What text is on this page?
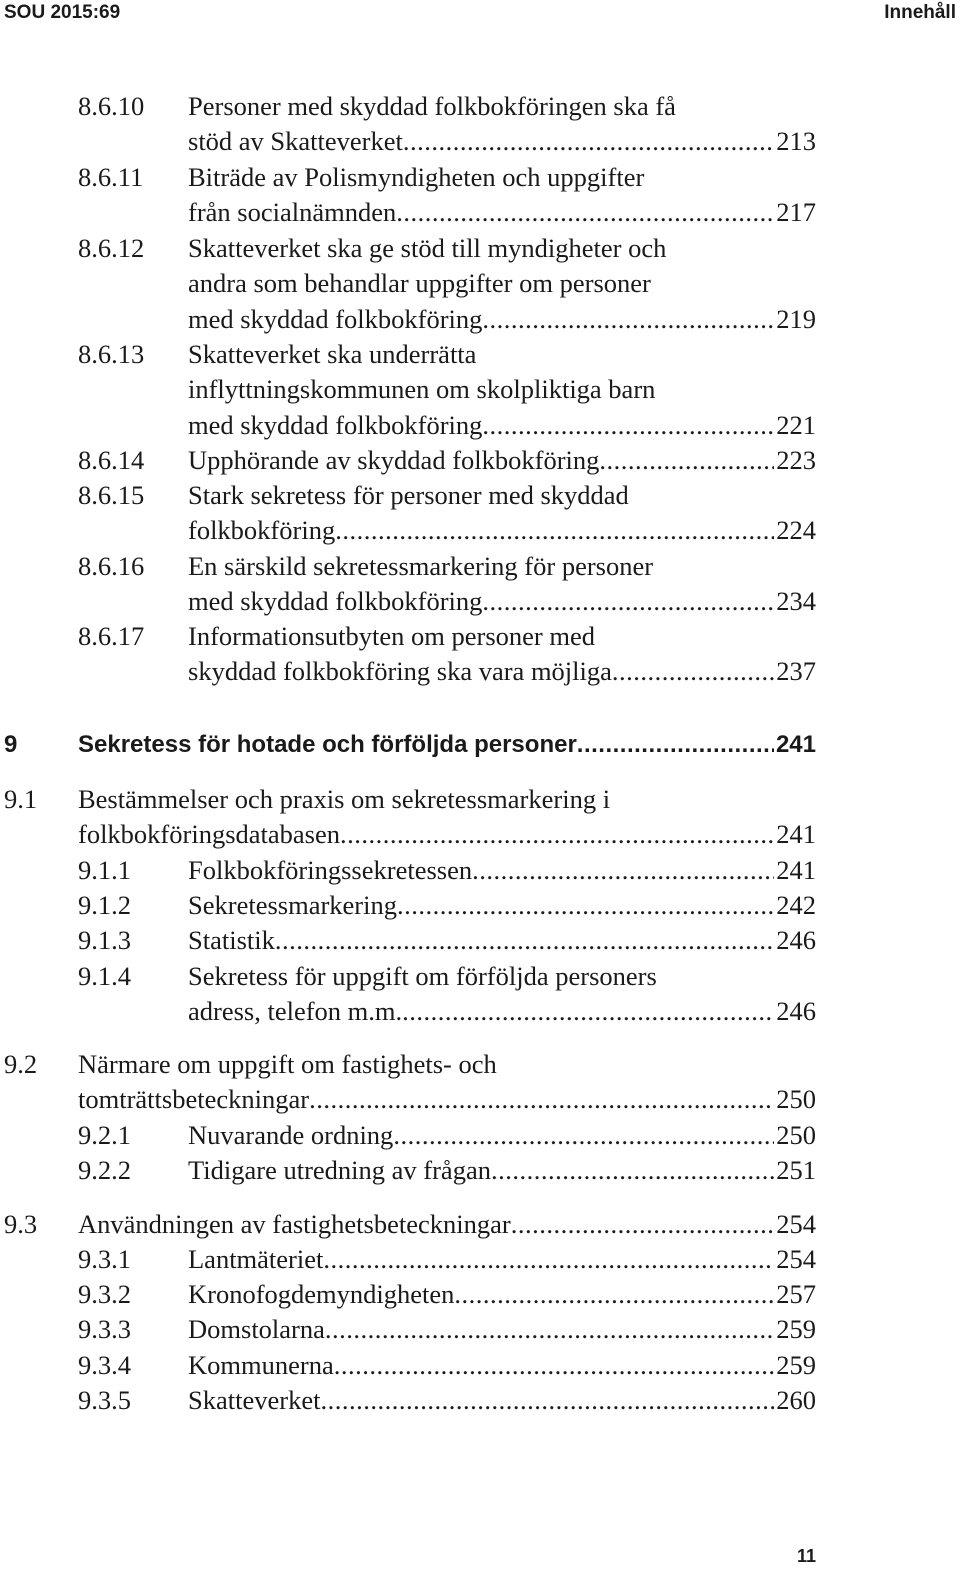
SOU 2015:69	Innehåll
8.6.10 Personer med skyddad folkbokföringen ska få
stöd av Skatteverket .....	213
8.6.11 Biträde av Polismyndigheten och uppgifter
från socialnämnden .....	217
8.6.12 Skatteverket ska ge stöd till myndigheter och
andra som behandlar uppgifter om personer
med skyddad folkbokföring .....	219
8.6.13 Skatteverket ska underrätta
inflyttningskommunen om skolpliktiga barn
med skyddad folkbokföring .....	221
8.6.14 Upphörande av skyddad folkbokföring .....	223
8.6.15 Stark sekretess för personer med skyddad
folkbokföring .....	224
8.6.16 En särskild sekretessmarkering för personer
med skyddad folkbokföring .....	234
8.6.17 Informationsutbyten om personer med
skyddad folkbokföring ska vara möjliga .....	237
9	Sekretess för hotade och förföljda personer .....	241
9.1 Bestämmelser och praxis om sekretessmarkering i
folkbokföringsdatabasen .....	241
9.1.1 Folkbokföringssekretessen .....	241
9.1.2 Sekretessmarkering .....	242
9.1.3 Statistik .....	246
9.1.4 Sekretess för uppgift om förföljda personers
adress, telefon m.m. .....	246
9.2 Närmare om uppgift om fastighets- och
tomträttsbeteckningar .....	250
9.2.1 Nuvarande ordning .....	250
9.2.2 Tidigare utredning av frågan .....	251
9.3 Användningen av fastighetsbeteckningar .....	254
9.3.1 Lantmäteriet .....	254
9.3.2 Kronofogdemyndigheten .....	257
9.3.3 Domstolarna .....	259
9.3.4 Kommunerna .....	259
9.3.5 Skatteverket .....	260
11
